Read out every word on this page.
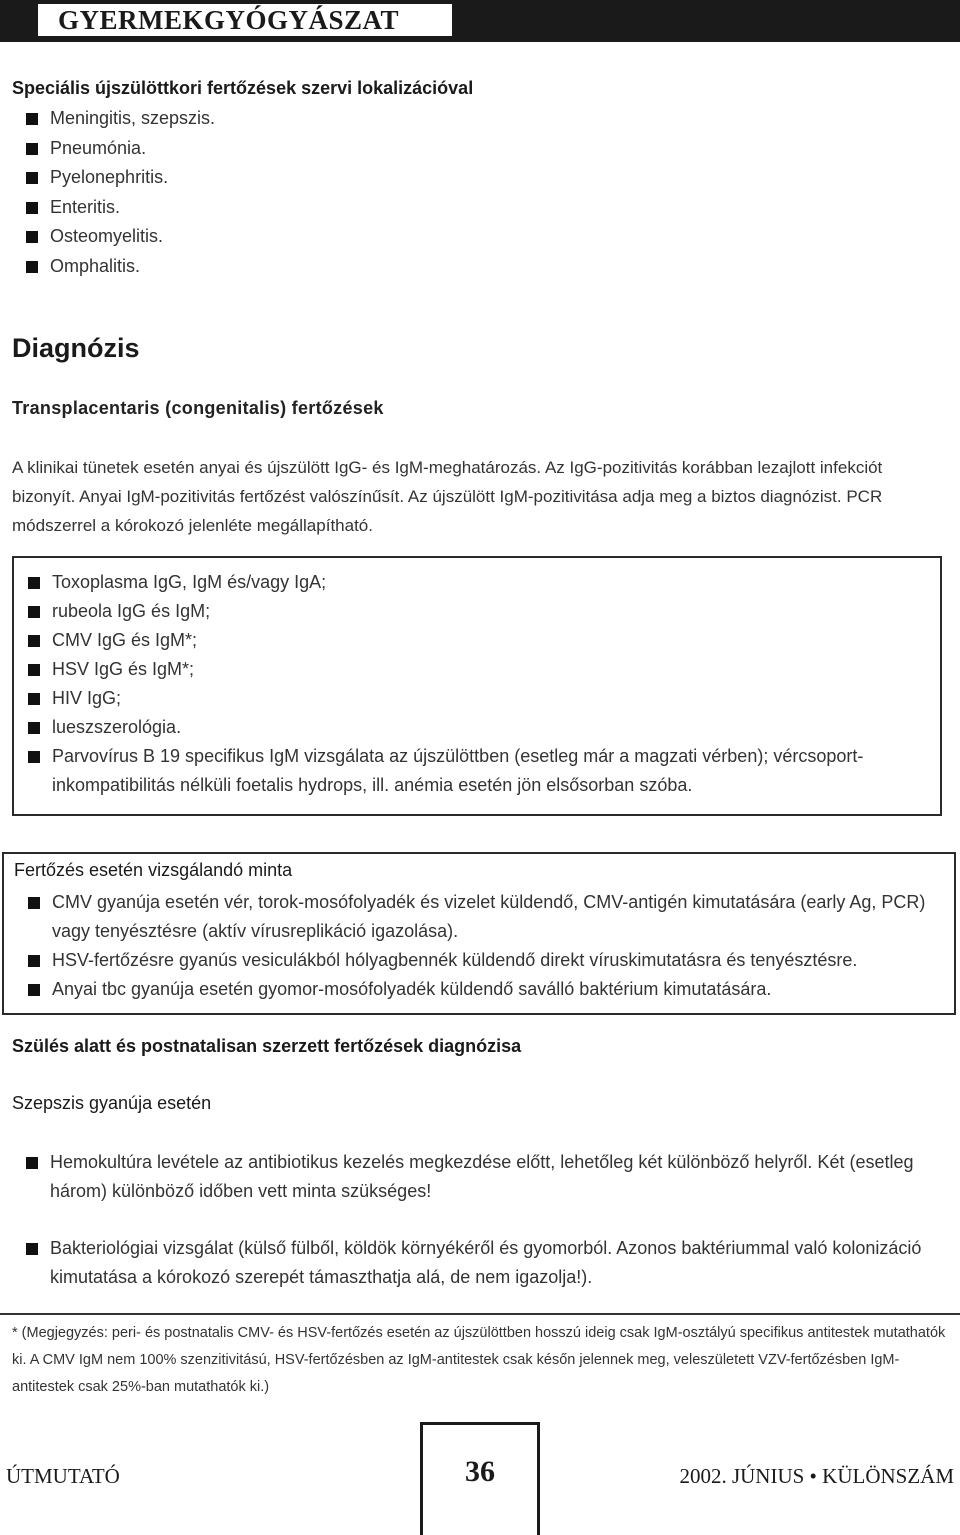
GYERMEKGYÓGYÁSZAT
Speciális újszülöttkori fertőzések szervi lokalizációval
Meningitis, szepszis.
Pneumónia.
Pyelonephritis.
Enteritis.
Osteomyelitis.
Omphalitis.
Diagnózis
Transplacentaris (congenitalis) fertőzések
A klinikai tünetek esetén anyai és újszülött IgG- és IgM-meghatározás. Az IgG-pozitivitás korábban lezajlott infekciót bizonyít. Anyai IgM-pozitivitás fertőzést valószínűsít. Az újszülött IgM-pozitivitása adja meg a biztos diagnózist. PCR módszerrel a kórokozó jelenléte megállapítható.
Toxoplasma IgG, IgM és/vagy IgA;
rubeola IgG és IgM;
CMV IgG és IgM*;
HSV IgG és IgM*;
HIV IgG;
lueszszerológia.
Parvovírus B 19 specifikus IgM vizsgálata az újszülöttben (esetleg már a magzati vérben); vércsoport-inkompatibilitás nélküli foetalis hydrops, ill. anémia esetén jön elsősorban szóba.
Fertőzés esetén vizsgálandó minta
CMV gyanúja esetén vér, torok-mosófolyadék és vizelet küldendő, CMV-antigén kimutatására (early Ag, PCR) vagy tenyésztésre (aktív vírusreplikáció igazolása).
HSV-fertőzésre gyanús vesiculákból hólyagbennék küldendő direkt víruskimutatásra és tenyésztésre.
Anyai tbc gyanúja esetén gyomor-mosófolyadék küldendő saválló baktérium kimutatására.
Szülés alatt és postnatalisan szerzett fertőzések diagnózisa
Szepszis gyanúja esetén
Hemokultúra levétele az antibiotikus kezelés megkezdése előtt, lehetőleg két különböző helyről. Két (esetleg három) különböző időben vett minta szükséges!
Bakteriológiai vizsgálat (külső fülből, köldök környékéről és gyomorból. Azonos baktériummal való kolonizáció kimutatása a kórokozó szerepét támaszthatja alá, de nem igazolja!).
* (Megjegyzés: peri- és postnatalis CMV- és HSV-fertőzés esetén az újszülöttben hosszú ideig csak IgM-osztályú specifikus antitestek mutathatók ki. A CMV IgM nem 100% szenzitivitású, HSV-fertőzésben az IgM-antitestek csak későn jelennek meg, veleszületett VZV-fertőzésben IgM-antitestek csak 25%-ban mutathatók ki.)
ÚTMUTATÓ	36	2002. JÚNIUS • KÜLÖNSZÁM
